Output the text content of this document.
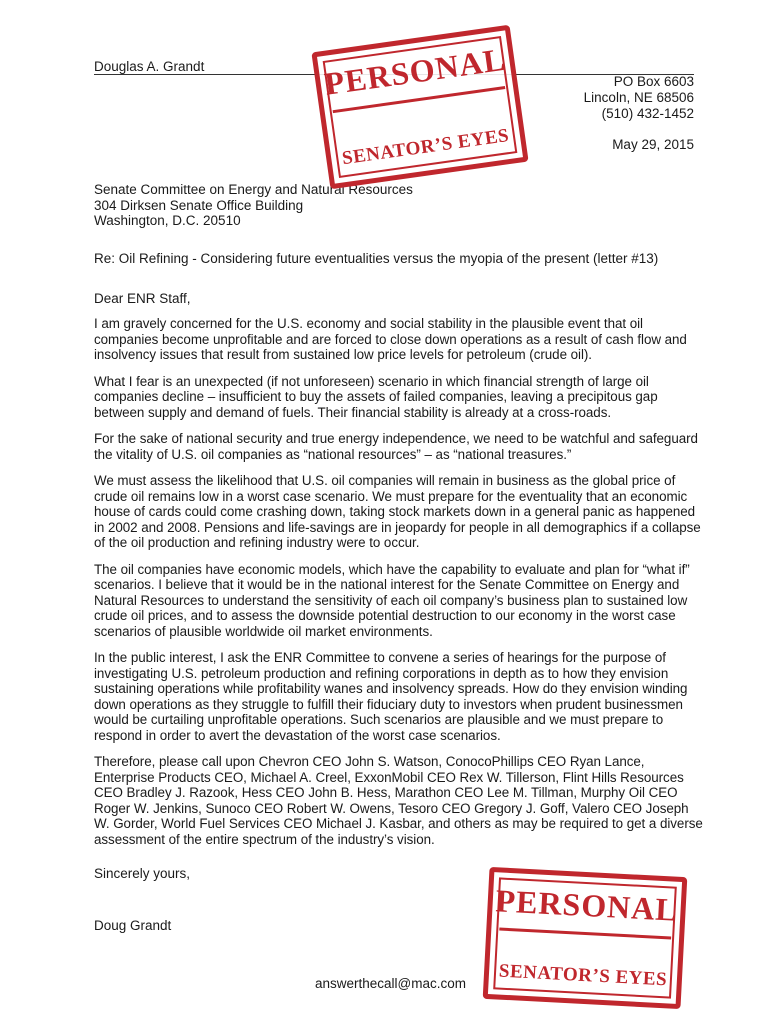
Douglas A. Grandt
PO Box 6603
Lincoln, NE 68506
(510) 432-1452
May 29, 2015
Senate Committee on Energy and Natural Resources
304 Dirksen Senate Office Building
Washington, D.C. 20510
Re: Oil Refining - Considering future eventualities versus the myopia of the present (letter #13)
Dear ENR Staff,

I am gravely concerned for the U.S. economy and social stability in the plausible event that oil companies become unprofitable and are forced to close down operations as a result of cash flow and insolvency issues that result from sustained low price levels for petroleum (crude oil).

What I fear is an unexpected (if not unforeseen) scenario in which financial strength of large oil companies decline – insufficient to buy the assets of failed companies, leaving a precipitous gap between supply and demand of fuels. Their financial stability is already at a cross-roads.

For the sake of national security and true energy independence, we need to be watchful and safeguard the vitality of U.S. oil companies as “national resources” – as “national treasures.”

We must assess the likelihood that U.S. oil companies will remain in business as the global price of crude oil remains low in a worst case scenario. We must prepare for the eventuality that an economic house of cards could come crashing down, taking stock markets down in a general panic as happened in 2002 and 2008. Pensions and life-savings are in jeopardy for people in all demographics if a collapse of the oil production and refining industry were to occur.

The oil companies have economic models, which have the capability to evaluate and plan for “what if” scenarios. I believe that it would be in the national interest for the Senate Committee on Energy and Natural Resources to understand the sensitivity of each oil company’s business plan to sustained low crude oil prices, and to assess the downside potential destruction to our economy in the worst case scenarios of plausible worldwide oil market environments.

In the public interest, I ask the ENR Committee to convene a series of hearings for the purpose of investigating U.S. petroleum production and refining corporations in depth as to how they envision sustaining operations while profitability wanes and insolvency spreads. How do they envision winding down operations as they struggle to fulfill their fiduciary duty to investors when prudent businessmen would be curtailing unprofitable operations. Such scenarios are plausible and we must prepare to respond in order to avert the devastation of the worst case scenarios.

Therefore, please call upon Chevron CEO John S. Watson, ConocoPhillips CEO Ryan Lance, Enterprise Products CEO, Michael A. Creel, ExxonMobil CEO Rex W. Tillerson, Flint Hills Resources CEO Bradley J. Razook, Hess CEO John B. Hess, Marathon CEO Lee M. Tillman, Murphy Oil CEO Roger W. Jenkins, Sunoco CEO Robert W. Owens, Tesoro CEO Gregory J. Goff, Valero CEO Joseph W. Gorder, World Fuel Services CEO Michael J. Kasbar, and others as may be required to get a diverse assessment of the entire spectrum of the industry’s vision.

Sincerely yours,
Doug Grandt
answerthecall@mac.com
PERSONAL
SENATOR’S EYES
PERSONAL
SENATOR’S EYES
